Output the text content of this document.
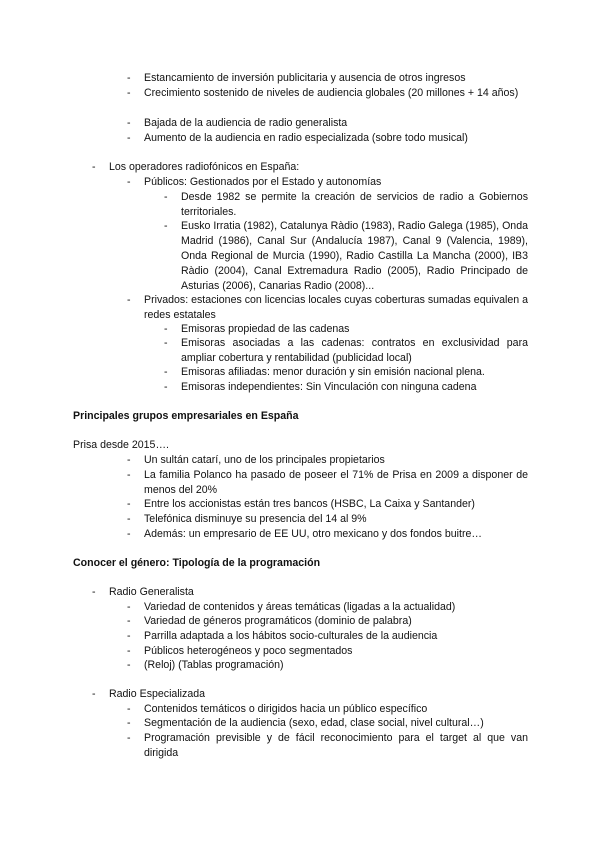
-	Estancamiento de inversión publicitaria y ausencia de otros ingresos
-	Crecimiento sostenido de niveles de audiencia globales (20 millones + 14 años)
-	Bajada de la audiencia de radio generalista
-	Aumento de la audiencia en radio especializada (sobre todo musical)
-	Los operadores radiofónicos en España:
-	Públicos: Gestionados por el Estado y autonomías
-	Desde 1982 se permite la creación de servicios de radio a Gobiernos territoriales.
-	Eusko Irratia (1982), Catalunya Ràdio (1983), Radio Galega (1985), Onda Madrid (1986), Canal Sur (Andalucía 1987), Canal 9 (Valencia, 1989), Onda Regional de Murcia (1990), Radio Castilla La Mancha (2000), IB3 Ràdio (2004), Canal Extremadura Radio (2005), Radio Principado de Asturias (2006), Canarias Radio (2008)...
-	Privados: estaciones con licencias locales cuyas coberturas sumadas equivalen a redes estatales
-	Emisoras propiedad de las cadenas
-	Emisoras asociadas a las cadenas: contratos en exclusividad para ampliar cobertura y rentabilidad (publicidad local)
-	Emisoras afiliadas: menor duración y sin emisión nacional plena.
-	Emisoras independientes: Sin Vinculación con ninguna cadena
Principales grupos empresariales en España
Prisa desde 2015….
-	Un sultán catarí, uno de los principales propietarios
-	La familia Polanco ha pasado de poseer el 71% de Prisa en 2009 a disponer de menos del 20%
-	Entre los accionistas están tres bancos (HSBC, La Caixa y Santander)
-	Telefónica disminuye su presencia del 14 al 9%
-	Además: un empresario de EE UU, otro mexicano y dos fondos buitre…
Conocer el género: Tipología de la programación
-	Radio Generalista
-	Variedad de contenidos y áreas temáticas (ligadas a la actualidad)
-	Variedad de géneros programáticos (dominio de palabra)
-	Parrilla adaptada a los hábitos socio-culturales de la audiencia
-	Públicos heterogéneos y poco segmentados
-	(Reloj) (Tablas programación)
-	Radio Especializada
-	Contenidos temáticos o dirigidos hacia un público específico
-	Segmentación de la audiencia (sexo, edad, clase social, nivel cultural…)
-	Programación previsible y de fácil reconocimiento para el target al que van dirigida
